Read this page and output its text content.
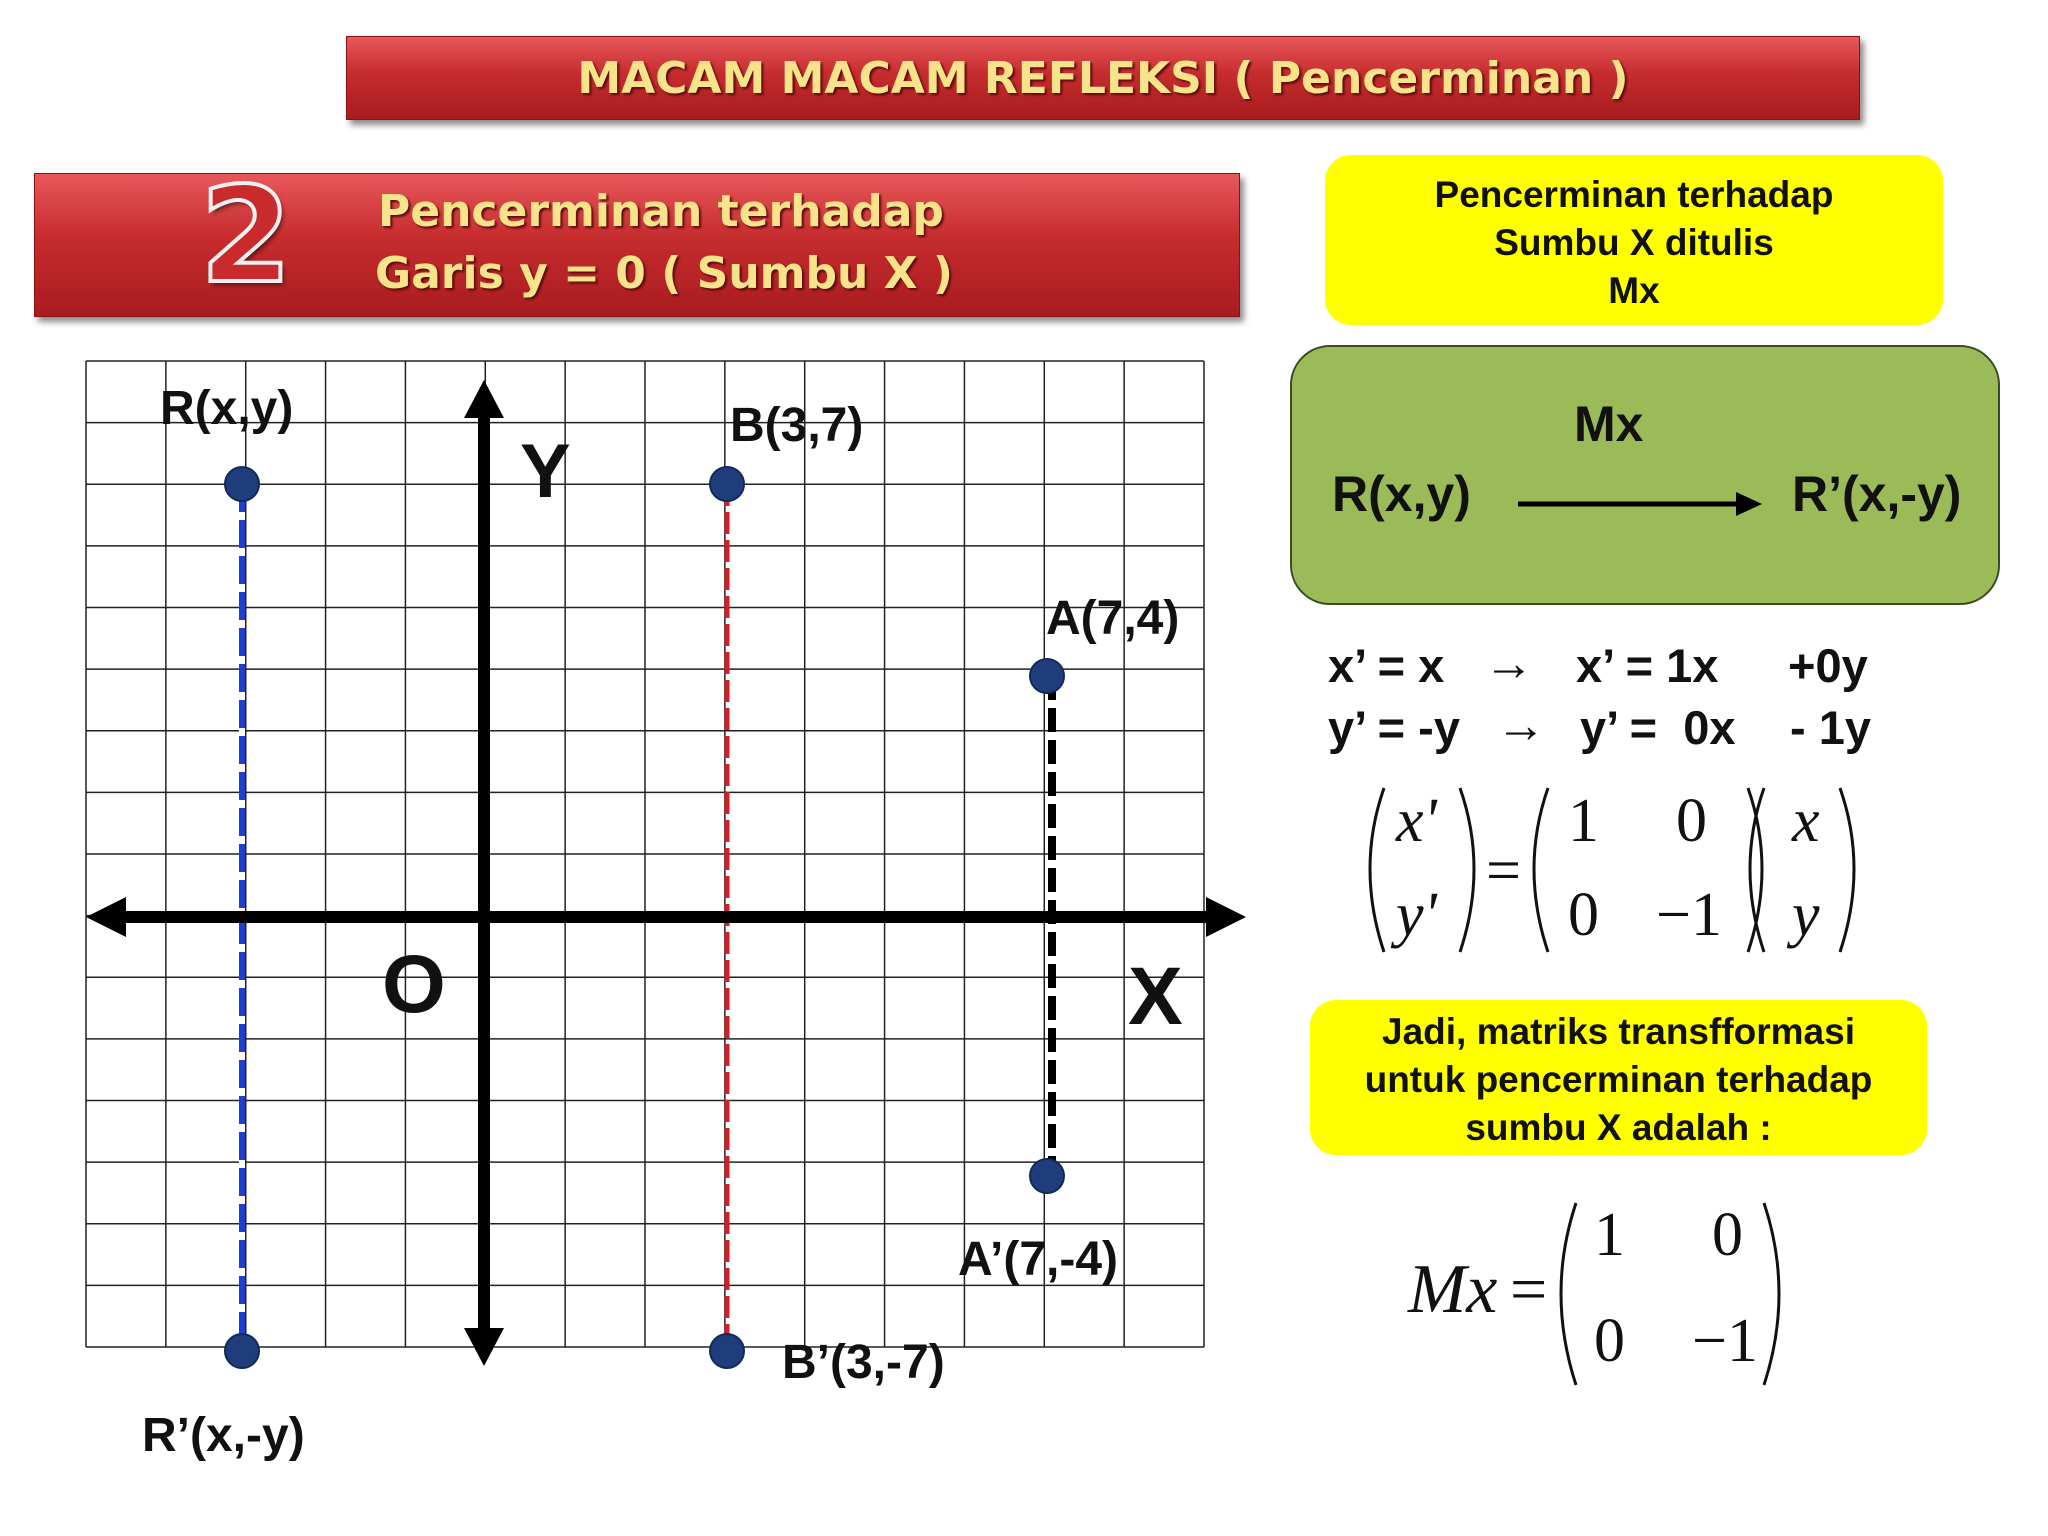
MACAM MACAM REFLEKSI ( Pencerminan )
2 Pencerminan terhadap
Garis y = 0 ( Sumbu X )
R(x,y)	B(3,7)
A(7,4)
A’(7,-4)
B’(3,-7)
R’(x,-y)
Y
X
O
Pencerminan terhadap
Sumbu X ditulis
Mx
Mx
R(x,y)	R’(x,-y)
x’ = x → x’ = 1x +0y
y’ = -y → y’ =  0x - 1y
x'
y'
=
1 0
0 −1
x
y
Jadi, matriks transfformasi
untuk pencerminan terhadap
sumbu X adalah :
Mx =
1 0
0 −1
